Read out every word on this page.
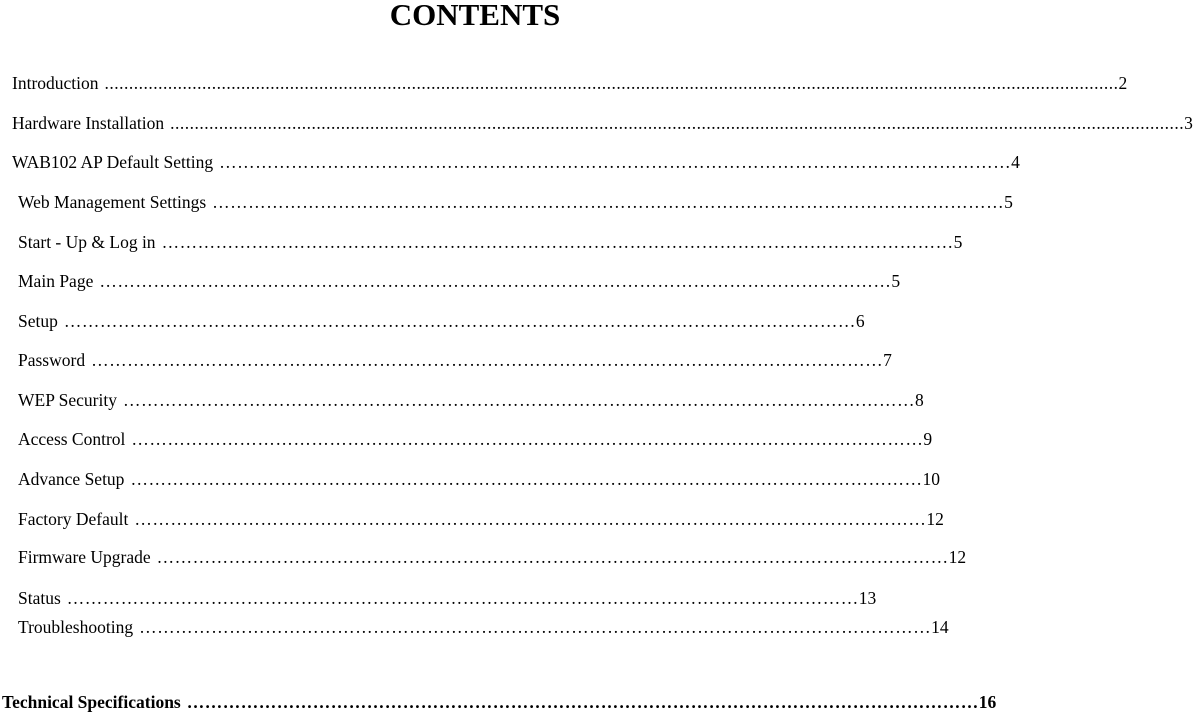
CONTENTS
Introduction ................................................................................................................................................................................................................ 2
Hardware Installation ................................................................................................................................................................................................................ 3
WAB102 AP Default Setting …………………………………………………………………………………………………………………… 4
Web Management Settings …………………………………………………………………………………………………………………… 5
Start - Up & Log in …………………………………………………………………………………………………………………… 5
Main Page …………………………………………………………………………………………………………………… 5
Setup …………………………………………………………………………………………………………………… 6
Password …………………………………………………………………………………………………………………… 7
WEP Security …………………………………………………………………………………………………………………… 8
Access Control …………………………………………………………………………………………………………………… 9
Advance Setup …………………………………………………………………………………………………………………… 10
Factory Default …………………………………………………………………………………………………………………… 12
Firmware Upgrade …………………………………………………………………………………………………………………… 12
Status …………………………………………………………………………………………………………………… 13
Troubleshooting …………………………………………………………………………………………………………………… 14
Technical Specifications …………………………………………………………………………………………………………………… 16
